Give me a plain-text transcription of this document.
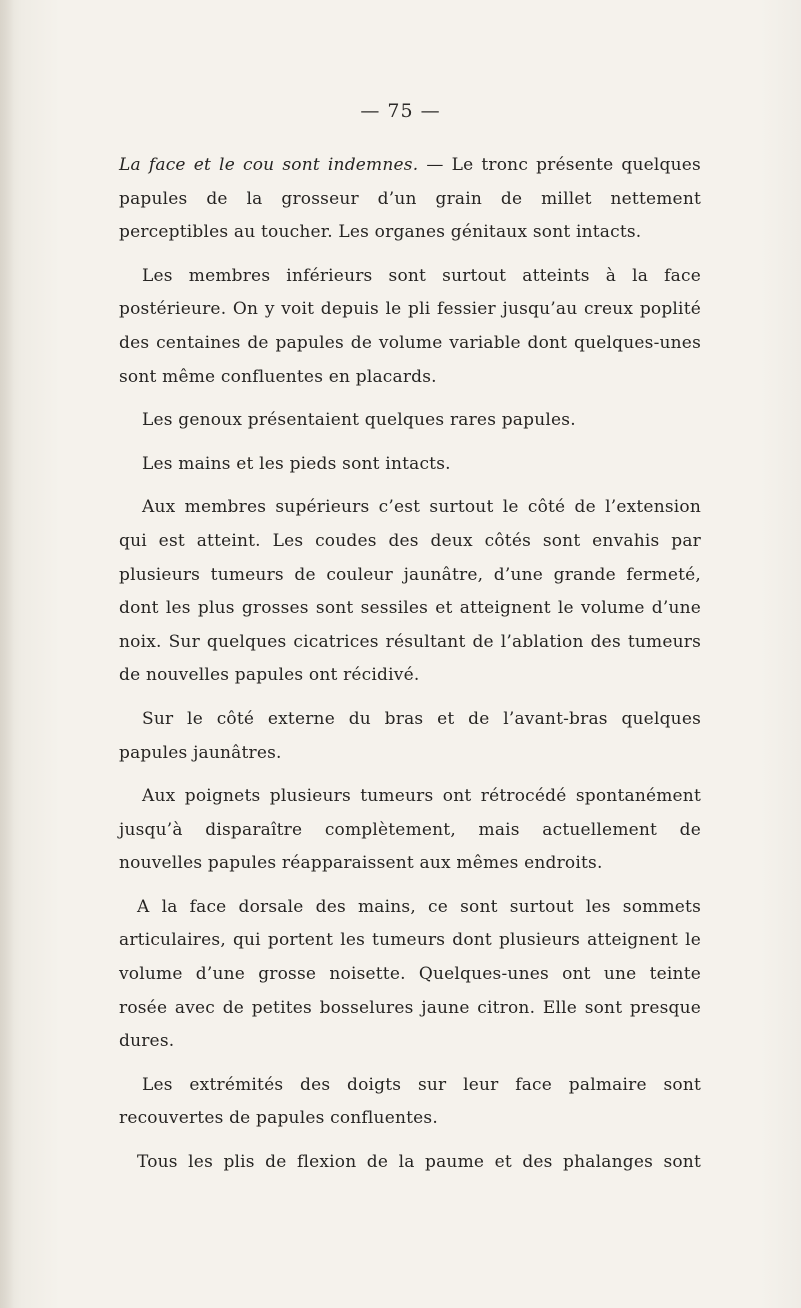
— 75 —

La face et le cou sont indemnes. — Le tronc présente quelques papules de la grosseur d’un grain de millet nettement perceptibles au toucher. Les organes génitaux sont intacts.

Les membres inférieurs sont surtout atteints à la face postérieure. On y voit depuis le pli fessier jusqu’au creux poplité des centaines de papules de volume variable dont quelques-unes sont même confluentes en placards.

Les genoux présentaient quelques rares papules.

Les mains et les pieds sont intacts.

Aux membres supérieurs c’est surtout le côté de l’extension qui est atteint. Les coudes des deux côtés sont envahis par plusieurs tumeurs de couleur jaunâtre, d’une grande fermeté, dont les plus grosses sont sessiles et atteignent le volume d’une noix. Sur quelques cicatrices résultant de l’ablation des tumeurs de nouvelles papules ont récidivé.

Sur le côté externe du bras et de l’avant-bras quelques papules jaunâtres.

Aux poignets plusieurs tumeurs ont rétrocédé spontanément jusqu’à disparaître complètement, mais actuellement de nouvelles papules réapparaissent aux mêmes endroits.

A la face dorsale des mains, ce sont surtout les sommets articulaires, qui portent les tumeurs dont plusieurs atteignent le volume d’une grosse noisette. Quelques-unes ont une teinte rosée avec de petites bosselures jaune citron. Elle sont presque dures.

Les extrémités des doigts sur leur face palmaire sont recouvertes de papules confluentes.

Tous les plis de flexion de la paume et des phalanges sont
